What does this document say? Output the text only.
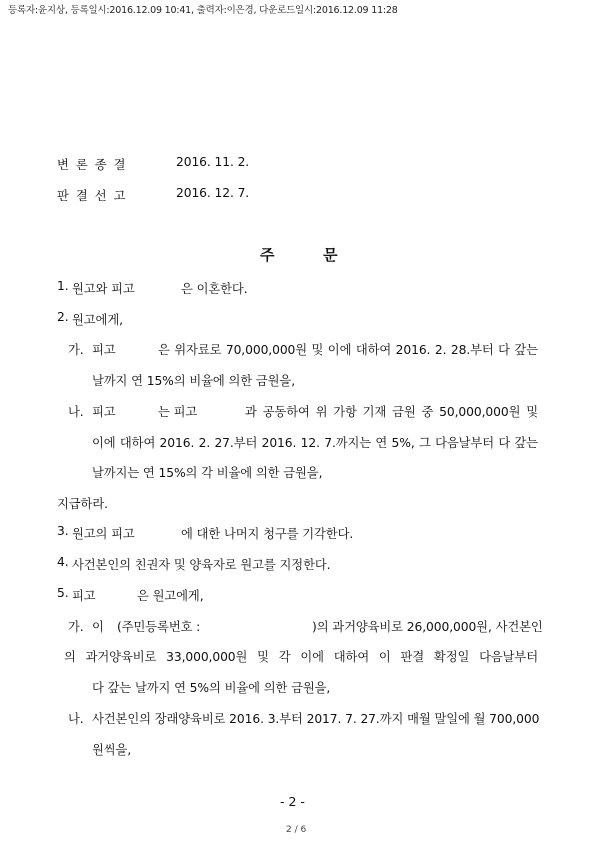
등록자:윤지상, 등록일시:2016.12.09 10:41, 출력자:이은경, 다운로드일시:2016.12.09 11:28
변론종결	2016. 11. 2.
판결선고	2016. 12. 7.
주	문
1. 원고와 피고	은 이혼한다.
2. 원고에게,
가. 피고	은 위자료로 70,000,000원 및 이에 대하여 2016. 2. 28.부터 다 갚는
날까지 연 15%의 비율에 의한 금원을,
나. 피고	는 피고	과 공동하여 위 가항 기재 금원 중 50,000,000원 및
이에 대하여 2016. 2. 27.부터 2016. 12. 7.까지는 연 5%, 그 다음날부터 다 갚는
날까지는 연 15%의 각 비율에 의한 금원을,
지급하라.
3. 원고의 피고	에 대한 나머지 청구를 기각한다.
4. 사건본인의 친권자 및 양육자로 원고를 지정한다.
5. 피고	은 원고에게,
가. 이 (주민등록번호 :	)의 과거양육비로 26,000,000원, 사건본인
의 과거양육비로 33,000,000원 및 각 이에 대하여 이 판결 확정일 다음날부터
다 갚는 날까지 연 5%의 비율에 의한 금원을,
나. 사건본인의 장래양육비로 2016. 3.부터 2017. 7. 27.까지 매월 말일에 월 700,000
원씩을,
- 2 -
2 / 6
